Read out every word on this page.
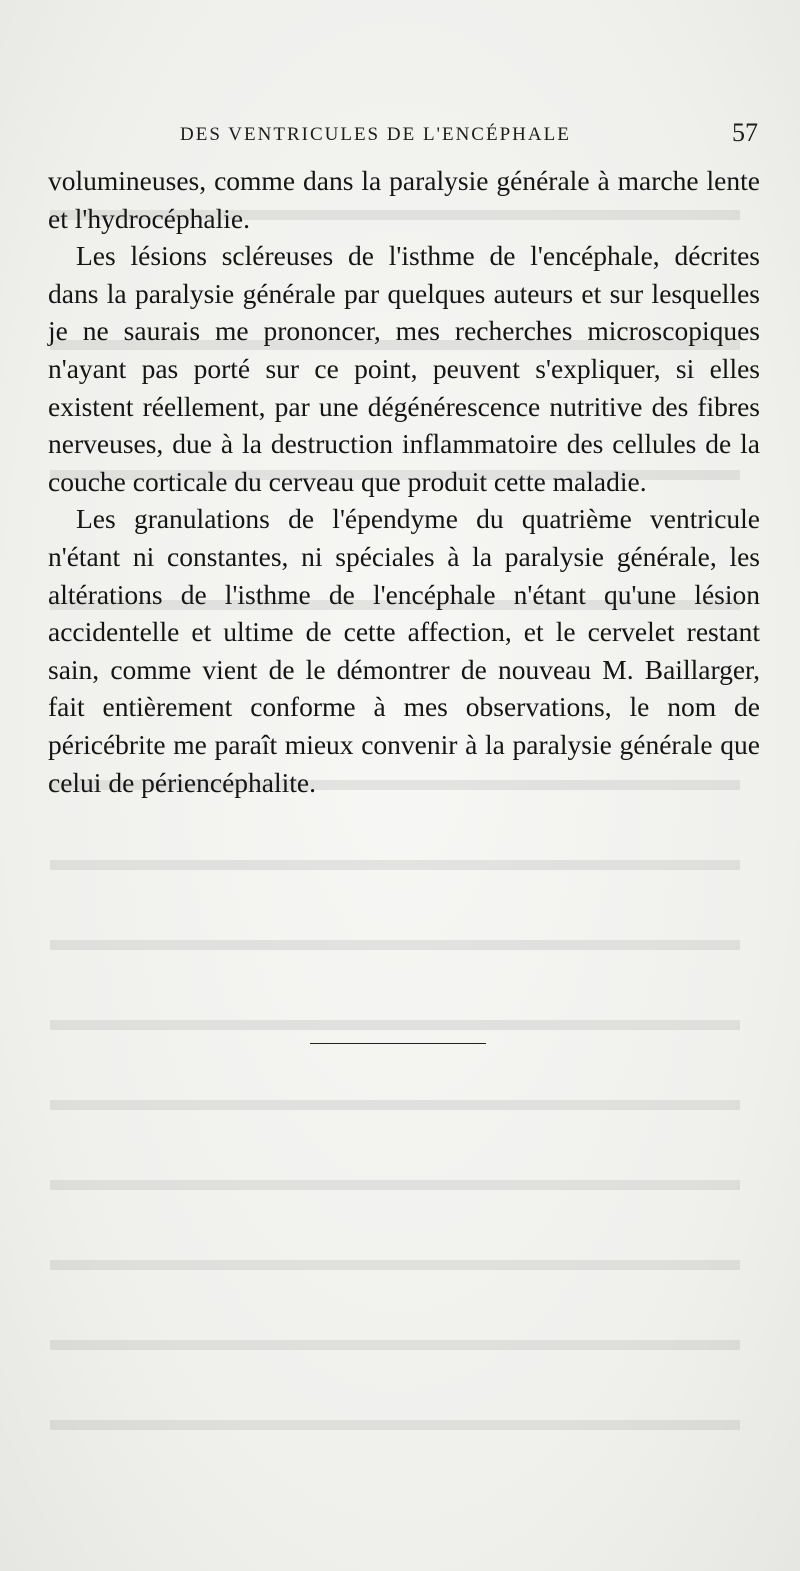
DES VENTRICULES DE L'ENCÉPHALE	57

volumineuses, comme dans la paralysie générale à marche lente et l'hydrocéphalie.

Les lésions scléreuses de l'isthme de l'encéphale, décrites dans la paralysie générale par quelques auteurs et sur lesquelles je ne saurais me prononcer, mes recherches microscopiques n'ayant pas porté sur ce point, peuvent s'expliquer, si elles existent réellement, par une dégénérescence nutritive des fibres nerveuses, due à la destruction inflammatoire des cellules de la couche corticale du cerveau que produit cette maladie.

Les granulations de l'épendyme du quatrième ventricule n'étant ni constantes, ni spéciales à la paralysie générale, les altérations de l'isthme de l'encéphale n'étant qu'une lésion accidentelle et ultime de cette affection, et le cervelet restant sain, comme vient de le démontrer de nouveau M. Baillarger, fait entièrement conforme à mes observations, le nom de péricébrite me paraît mieux convenir à la paralysie générale que celui de périencéphalite.
